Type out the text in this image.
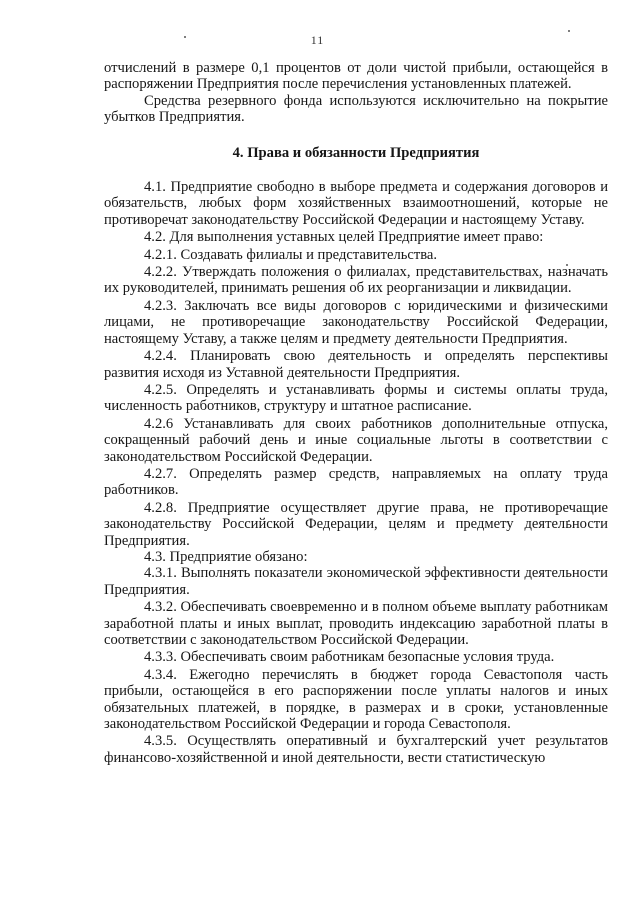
11

отчислений в размере 0,1 процентов от доли чистой прибыли, остающейся в распоряжении Предприятия после перечисления установленных платежей.

Средства резервного фонда используются исключительно на покрытие убытков Предприятия.

4. Права и обязанности Предприятия

4.1. Предприятие свободно в выборе предмета и содержания договоров и обязательств, любых форм хозяйственных взаимоотношений, которые не противоречат законодательству Российской Федерации и настоящему Уставу.

4.2. Для выполнения уставных целей Предприятие имеет право:

4.2.1. Создавать филиалы и представительства.

4.2.2. Утверждать положения о филиалах, представительствах, назначать их руководителей, принимать решения об их реорганизации и ликвидации.

4.2.3. Заключать все виды договоров с юридическими и физическими лицами, не противоречащие законодательству Российской Федерации, настоящему Уставу, а также целям и предмету деятельности Предприятия.

4.2.4. Планировать свою деятельность и определять перспективы развития исходя из Уставной деятельности Предприятия.

4.2.5. Определять и устанавливать формы и системы оплаты труда, численность работников, структуру и штатное расписание.

4.2.6 Устанавливать для своих работников дополнительные отпуска, сокращенный рабочий день и иные социальные льготы в соответствии с законодательством Российской Федерации.

4.2.7. Определять размер средств, направляемых на оплату труда работников.

4.2.8. Предприятие осуществляет другие права, не противоречащие законодательству Российской Федерации, целям и предмету деятельности Предприятия.

4.3. Предприятие обязано:

4.3.1. Выполнять показатели экономической эффективности деятельности Предприятия.

4.3.2. Обеспечивать своевременно и в полном объеме выплату работникам заработной платы и иных выплат, проводить индексацию заработной платы в соответствии с законодательством Российской Федерации.

4.3.3. Обеспечивать своим работникам безопасные условия труда.

4.3.4. Ежегодно перечислять в бюджет города Севастополя часть прибыли, остающейся в его распоряжении после уплаты налогов и иных обязательных платежей, в порядке, в размерах и в сроки, установленные законодательством Российской Федерации и города Севастополя.

4.3.5. Осуществлять оперативный и бухгалтерский учет результатов финансово-хозяйственной и иной деятельности, вести статистическую
